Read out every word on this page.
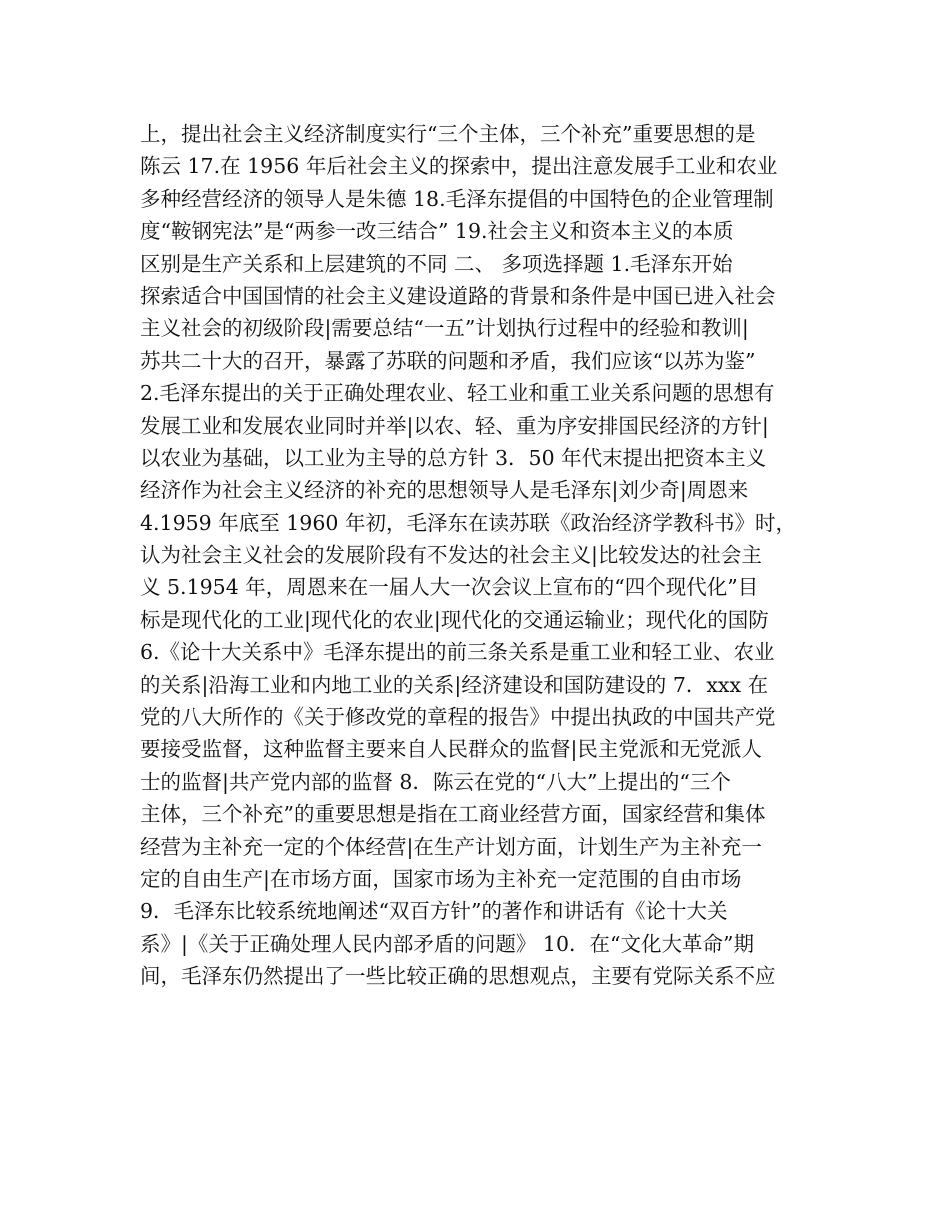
上，提出社会主义经济制度实行“三个主体，三个补充”重要思想的是
陈云 17.在 1956 年后社会主义的探索中，提出注意发展手工业和农业
多种经营经济的领导人是朱德 18.毛泽东提倡的中国特色的企业管理制
度“鞍钢宪法”是“两参一改三结合” 19.社会主义和资本主义的本质
区别是生产关系和上层建筑的不同 二、 多项选择题 1.毛泽东开始
探索适合中国国情的社会主义建设道路的背景和条件是中国已进入社会
主义社会的初级阶段|需要总结“一五”计划执行过程中的经验和教训|
苏共二十大的召开，暴露了苏联的问题和矛盾，我们应该“以苏为鉴”
2.毛泽东提出的关于正确处理农业、轻工业和重工业关系问题的思想有
发展工业和发展农业同时并举|以农、轻、重为序安排国民经济的方针|
以农业为基础，以工业为主导的总方针 3．50 年代末提出把资本主义
经济作为社会主义经济的补充的思想领导人是毛泽东|刘少奇|周恩来
4.1959 年底至 1960 年初，毛泽东在读苏联《政治经济学教科书》时，
认为社会主义社会的发展阶段有不发达的社会主义|比较发达的社会主
义 5.1954 年，周恩来在一届人大一次会议上宣布的“四个现代化”目
标是现代化的工业|现代化的农业|现代化的交通运输业；现代化的国防
6.《论十大关系中》毛泽东提出的前三条关系是重工业和轻工业、农业
的关系|沿海工业和内地工业的关系|经济建设和国防建设的 7．xxx 在
党的八大所作的《关于修改党的章程的报告》中提出执政的中国共产党
要接受监督，这种监督主要来自人民群众的监督|民主党派和无党派人
士的监督|共产党内部的监督 8．陈云在党的“八大”上提出的“三个
主体，三个补充”的重要思想是指在工商业经营方面，国家经营和集体
经营为主补充一定的个体经营|在生产计划方面，计划生产为主补充一
定的自由生产|在市场方面，国家市场为主补充一定范围的自由市场
9．毛泽东比较系统地阐述“双百方针”的著作和讲话有《论十大关
系》|《关于正确处理人民内部矛盾的问题》 10．在“文化大革命”期
间，毛泽东仍然提出了一些比较正确的思想观点，主要有党际关系不应
